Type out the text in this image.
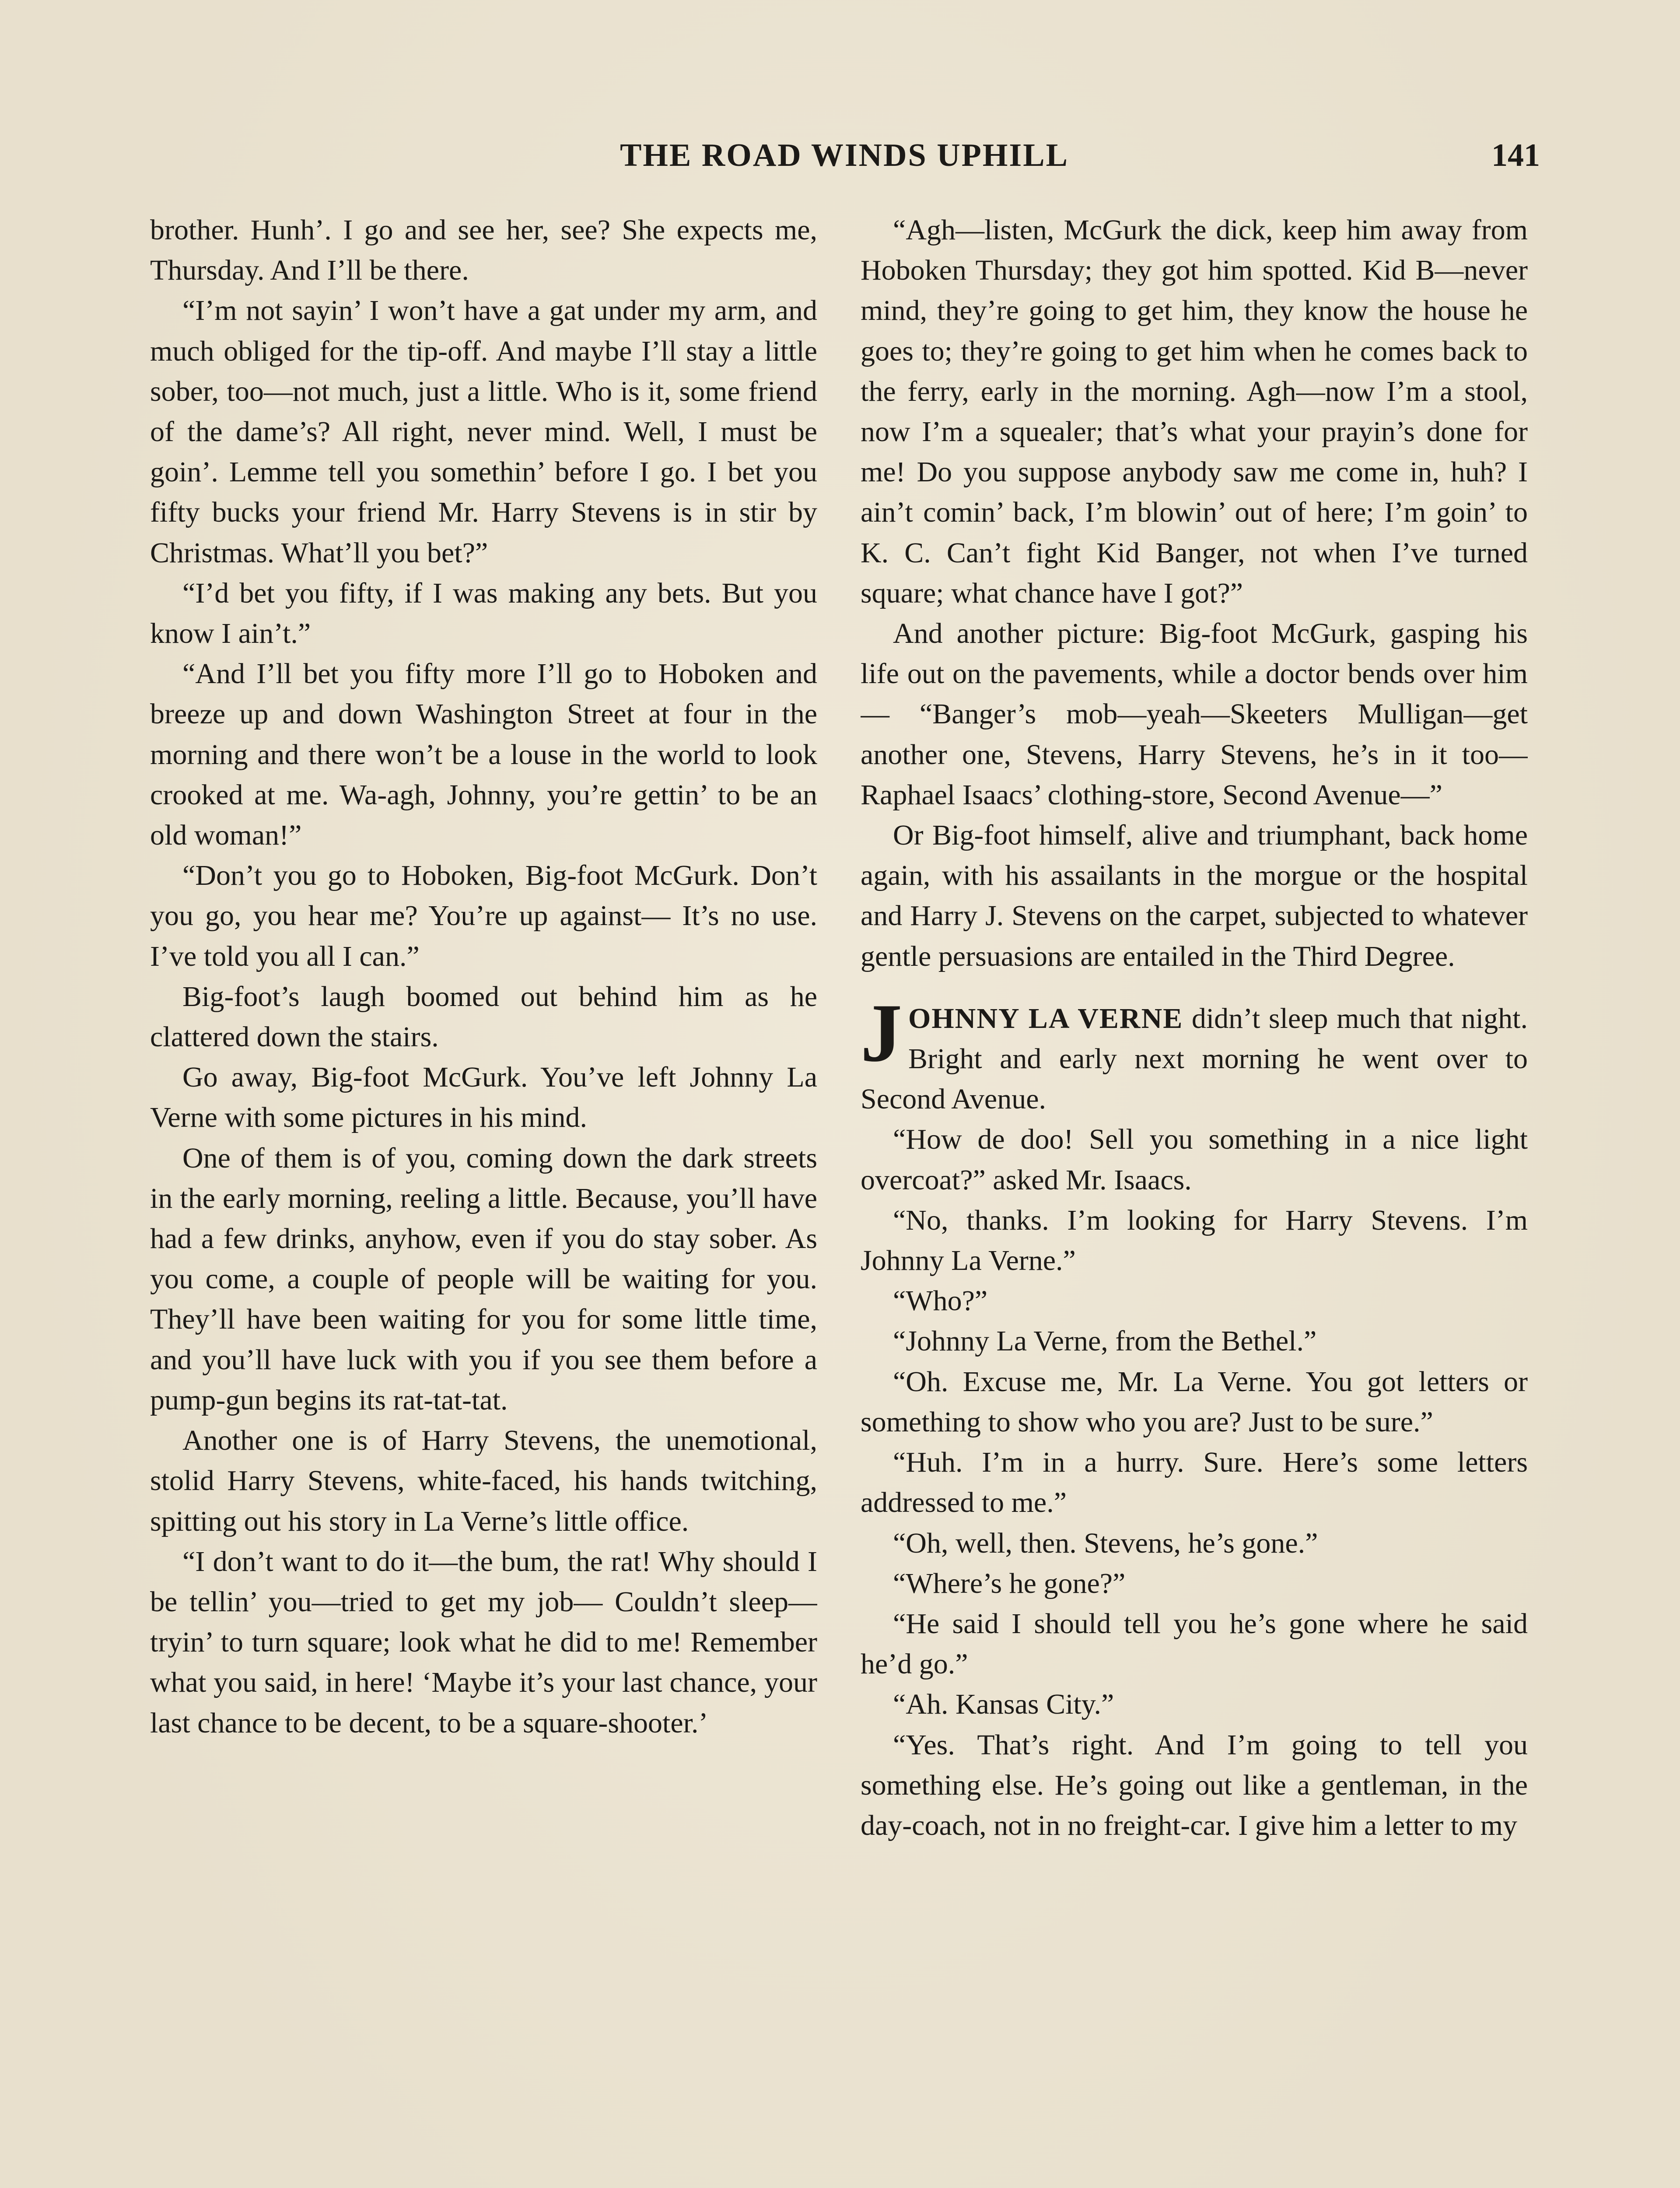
THE ROAD WINDS UPHILL	141

brother. Hunh’. I go and see her, see? She expects me, Thursday. And I’ll be there.

“I’m not sayin’ I won’t have a gat under my arm, and much obliged for the tip-off. And maybe I’ll stay a little sober, too—not much, just a little. Who is it, some friend of the dame’s? All right, never mind. Well, I must be goin’. Lemme tell you somethin’ before I go. I bet you fifty bucks your friend Mr. Harry Stevens is in stir by Christmas. What’ll you bet?”

“I’d bet you fifty, if I was making any bets. But you know I ain’t.”

“And I’ll bet you fifty more I’ll go to Hoboken and breeze up and down Washington Street at four in the morning and there won’t be a louse in the world to look crooked at me. Wa-agh, Johnny, you’re gettin’ to be an old woman!”

“Don’t you go to Hoboken, Big-foot McGurk. Don’t you go, you hear me? You’re up against— It’s no use. I’ve told you all I can.”

Big-foot’s laugh boomed out behind him as he clattered down the stairs.

Go away, Big-foot McGurk. You’ve left Johnny La Verne with some pictures in his mind.

One of them is of you, coming down the dark streets in the early morning, reeling a little. Because, you’ll have had a few drinks, anyhow, even if you do stay sober. As you come, a couple of people will be waiting for you. They’ll have been waiting for you for some little time, and you’ll have luck with you if you see them before a pump-gun begins its rat-tat-tat.

Another one is of Harry Stevens, the unemotional, stolid Harry Stevens, white-faced, his hands twitching, spitting out his story in La Verne’s little office.

“I don’t want to do it—the bum, the rat! Why should I be tellin’ you—tried to get my job— Couldn’t sleep—tryin’ to turn square; look what he did to me! Remember what you said, in here! ‘Maybe it’s your last chance, your last chance to be decent, to be a square-shooter.’

“Agh—listen, McGurk the dick, keep him away from Hoboken Thursday; they got him spotted. Kid B—never mind, they’re going to get him, they know the house he goes to; they’re going to get him when he comes back to the ferry, early in the morning. Agh—now I’m a stool, now I’m a squealer; that’s what your prayin’s done for me! Do you suppose anybody saw me come in, huh? I ain’t comin’ back, I’m blowin’ out of here; I’m goin’ to K. C. Can’t fight Kid Banger, not when I’ve turned square; what chance have I got?”

And another picture: Big-foot McGurk, gasping his life out on the pavements, while a doctor bends over him— “Banger’s mob—yeah—Skeeters Mulligan—get another one, Stevens, Harry Stevens, he’s in it too—Raphael Isaacs’ clothing-store, Second Avenue—”

Or Big-foot himself, alive and triumphant, back home again, with his assailants in the morgue or the hospital and Harry J. Stevens on the carpet, subjected to whatever gentle persuasions are entailed in the Third Degree.

JOHNNY LA VERNE didn’t sleep much that night. Bright and early next morning he went over to Second Avenue.

“How de doo! Sell you something in a nice light overcoat?” asked Mr. Isaacs.

“No, thanks. I’m looking for Harry Stevens. I’m Johnny La Verne.”

“Who?”

“Johnny La Verne, from the Bethel.”

“Oh. Excuse me, Mr. La Verne. You got letters or something to show who you are? Just to be sure.”

“Huh. I’m in a hurry. Sure. Here’s some letters addressed to me.”

“Oh, well, then. Stevens, he’s gone.”

“Where’s he gone?”

“He said I should tell you he’s gone where he said he’d go.”

“Ah. Kansas City.”

“Yes. That’s right. And I’m going to tell you something else. He’s going out like a gentleman, in the day-coach, not in no freight-car. I give him a letter to my
